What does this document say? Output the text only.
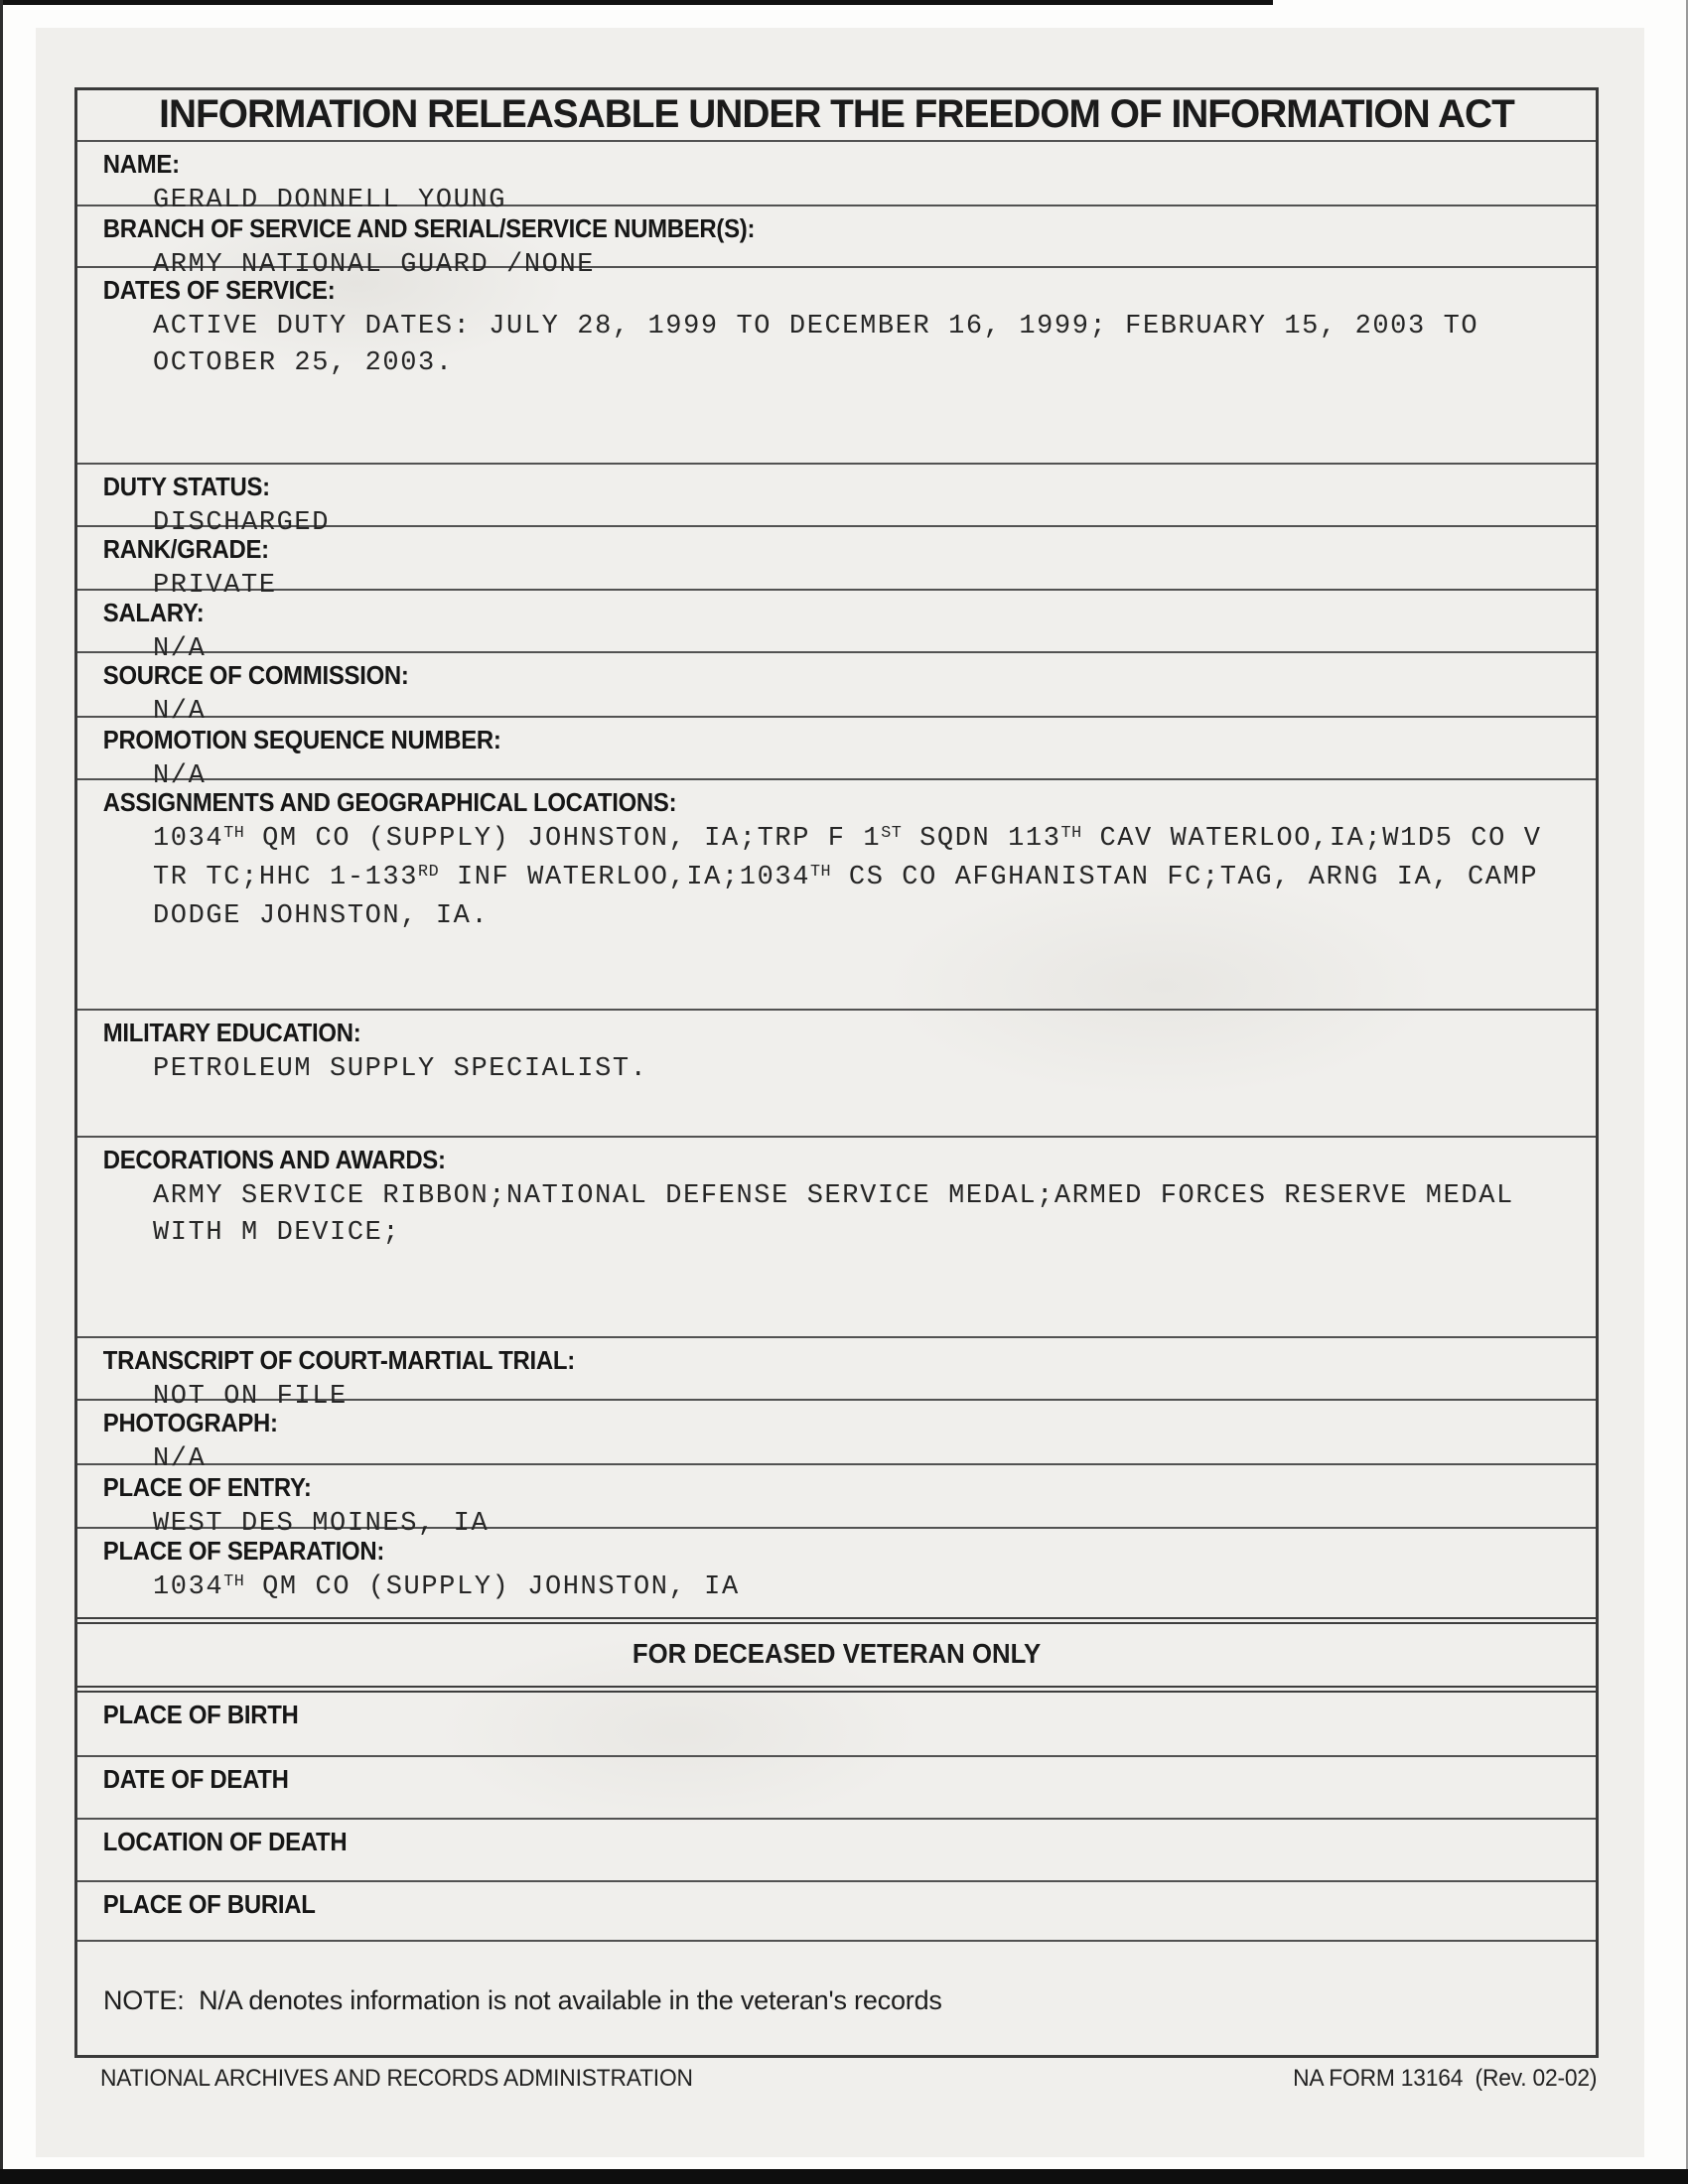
INFORMATION RELEASABLE UNDER THE FREEDOM OF INFORMATION ACT
NAME:
GERALD DONNELL YOUNG
BRANCH OF SERVICE AND SERIAL/SERVICE NUMBER(S):
ARMY NATIONAL GUARD /NONE
DATES OF SERVICE:
ACTIVE DUTY DATES: JULY 28, 1999 TO DECEMBER 16, 1999; FEBRUARY 15, 2003 TO
OCTOBER 25, 2003.
DUTY STATUS:
DISCHARGED
RANK/GRADE:
PRIVATE
SALARY:
N/A
SOURCE OF COMMISSION:
N/A
PROMOTION SEQUENCE NUMBER:
N/A
ASSIGNMENTS AND GEOGRAPHICAL LOCATIONS:
1034TH QM CO (SUPPLY) JOHNSTON, IA;TRP F 1ST SQDN 113TH CAV WATERLOO,IA;W1D5 CO V
TR TC;HHC 1-133RD INF WATERLOO,IA;1034TH CS CO AFGHANISTAN FC;TAG, ARNG IA, CAMP
DODGE JOHNSTON, IA.
MILITARY EDUCATION:
PETROLEUM SUPPLY SPECIALIST.
DECORATIONS AND AWARDS:
ARMY SERVICE RIBBON;NATIONAL DEFENSE SERVICE MEDAL;ARMED FORCES RESERVE MEDAL
WITH M DEVICE;
TRANSCRIPT OF COURT-MARTIAL TRIAL:
NOT ON FILE
PHOTOGRAPH:
N/A
PLACE OF ENTRY:
WEST DES MOINES, IA
PLACE OF SEPARATION:
1034TH QM CO (SUPPLY) JOHNSTON, IA
FOR DECEASED VETERAN ONLY
PLACE OF BIRTH
DATE OF DEATH
LOCATION OF DEATH
PLACE OF BURIAL
NOTE:  N/A denotes information is not available in the veteran's records
NATIONAL ARCHIVES AND RECORDS ADMINISTRATION	NA FORM 13164  (Rev. 02-02)
